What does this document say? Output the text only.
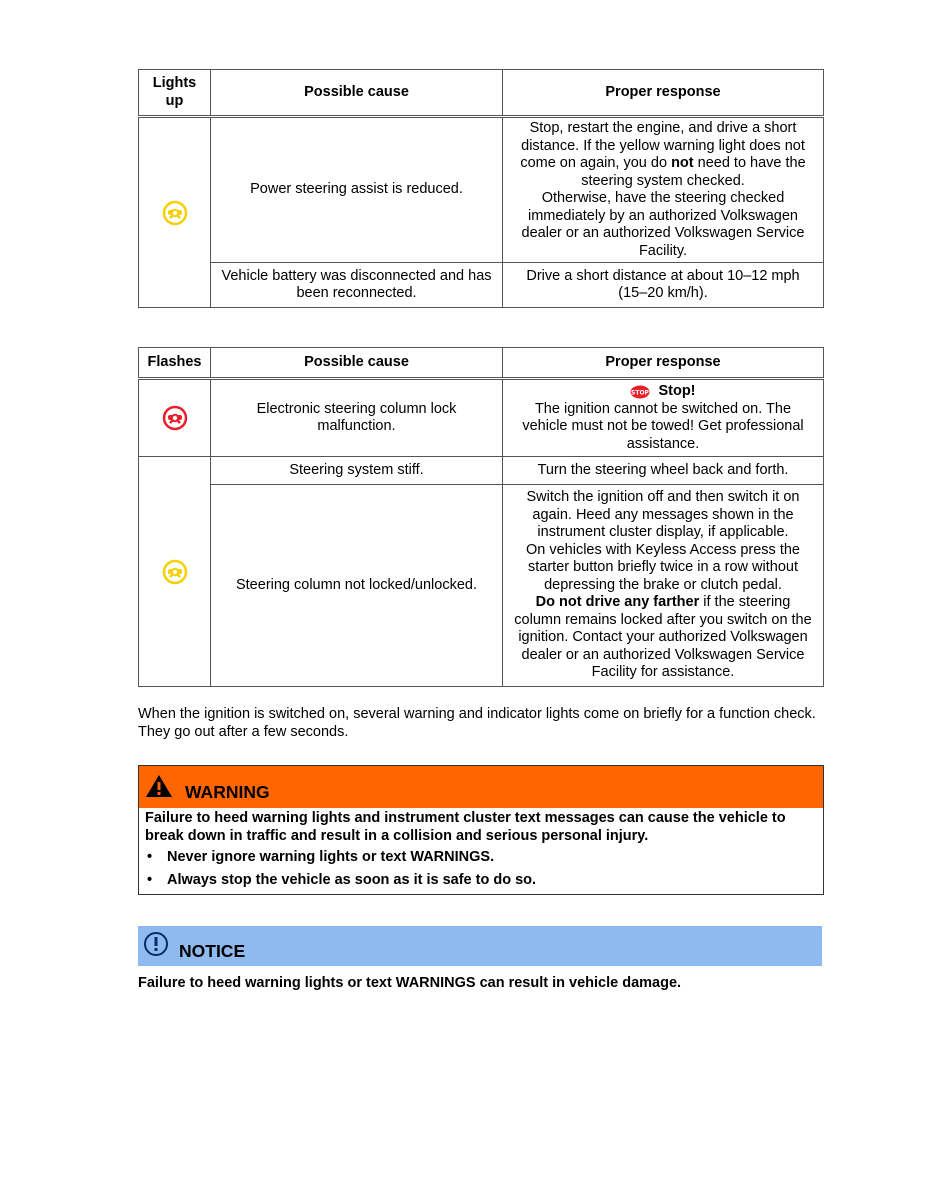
Lights up	Possible cause	Proper response

	Power steering assist is reduced.	Stop, restart the engine, and drive a short distance. If the yellow warning light does not come on again, you do not need to have the steering system checked.
Otherwise, have the steering checked immediately by an authorized Volkswagen dealer or an authorized Volkswagen Service Facility.
	Vehicle battery was disconnected and has been reconnected.	Drive a short distance at about 10–12 mph (15–20 km/h).
Flashes	Possible cause	Proper response

	Electronic steering column lock malfunction.	STOP Stop!
The ignition cannot be switched on. The vehicle must not be towed! Get professional assistance.

	Steering system stiff.	Turn the steering wheel back and forth.
	Steering column not locked/unlocked.	Switch the ignition off and then switch it on again. Heed any messages shown in the instrument cluster display, if applicable.
On vehicles with Keyless Access press the starter button briefly twice in a row without depressing the brake or clutch pedal.
Do not drive any farther if the steering column remains locked after you switch on the ignition. Contact your authorized Volkswagen dealer or an authorized Volkswagen Service Facility for assistance.

When the ignition is switched on, several warning and indicator lights come on briefly for a function check. They go out after a few seconds.

WARNING
Failure to heed warning lights and instrument cluster text messages can cause the vehicle to break down in traffic and result in a collision and serious personal injury.
• Never ignore warning lights or text WARNINGS.
• Always stop the vehicle as soon as it is safe to do so.
NOTICE
Failure to heed warning lights or text WARNINGS can result in vehicle damage.
